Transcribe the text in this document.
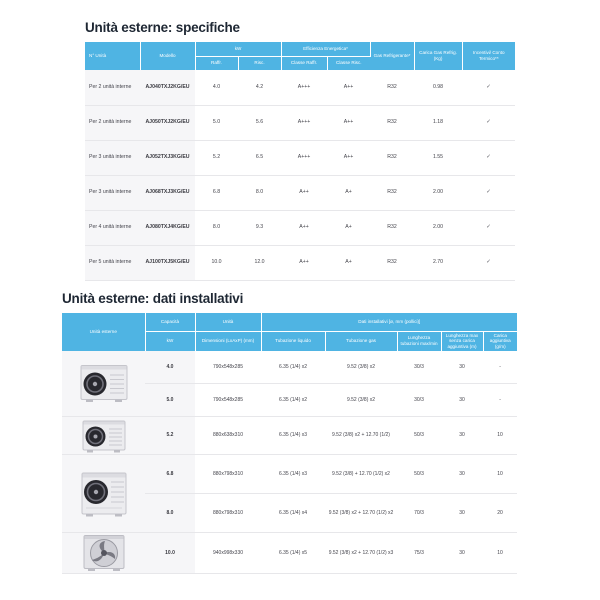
Unità esterne: specifiche
N° Unità	Modello	kW		Efficienza Energetica*		Gas Refrigerante*	Carica Gas Refrig. (Kg)	Incentivi/ Conto Termico**
		Raffr.	Risc.	Classe Raffr.	Classe Risc.			
Per 2 unità interne	AJ040TXJ2KG/EU	4.0	4.2	A+++	A++	R32	0.98	✓
Per 2 unità interne	AJ050TXJ2KG/EU	5.0	5.6	A+++	A++	R32	1.18	✓
Per 3 unità interne	AJ052TXJ3KG/EU	5.2	6.5	A+++	A++	R32	1.55	✓
Per 3 unità interne	AJ068TXJ3KG/EU	6.8	8.0	A++	A+	R32	2.00	✓
Per 4 unità interne	AJ080TXJ4KG/EU	8.0	9.3	A++	A+	R32	2.00	✓
Per 5 unità interne	AJ100TXJ5KG/EU	10.0	12.0	A++	A+	R32	2.70	✓
Unità esterne: dati installativi
Unità esterne	Capacità	Unità	Dati installativi [ø, mm (pollici)]				
	kW	Dimensioni (LxAxP) (mm)	Tubazione liquido	Tubazione gas	Lunghezza tubazioni max/min	Lunghezza max senza carica aggiuntiva (m)	Carica aggiuntiva (g/m)

	4.0	790x548x285	6.35 (1/4) x2	9.52 (3/8) x2	30/3	30	-
	5.0	790x548x285	6.35 (1/4) x2	9.52 (3/8) x2	30/3	30	-

	5.2	880x638x310	6.35 (1/4) x3	9.52 (3/8) x2 + 12.70 (1/2)	50/3	30	10

	6.8	880x798x310	6.35 (1/4) x3	9.52 (3/8) + 12.70 (1/2) x2	50/3	30	10
	8.0	880x798x310	6.35 (1/4) x4	9.52 (3/8) x2 + 12.70 (1/2) x2	70/3	30	20

	10.0	940x998x330	6.35 (1/4) x5	9.52 (3/8) x2 + 12.70 (1/2) x3	75/3	30	10
